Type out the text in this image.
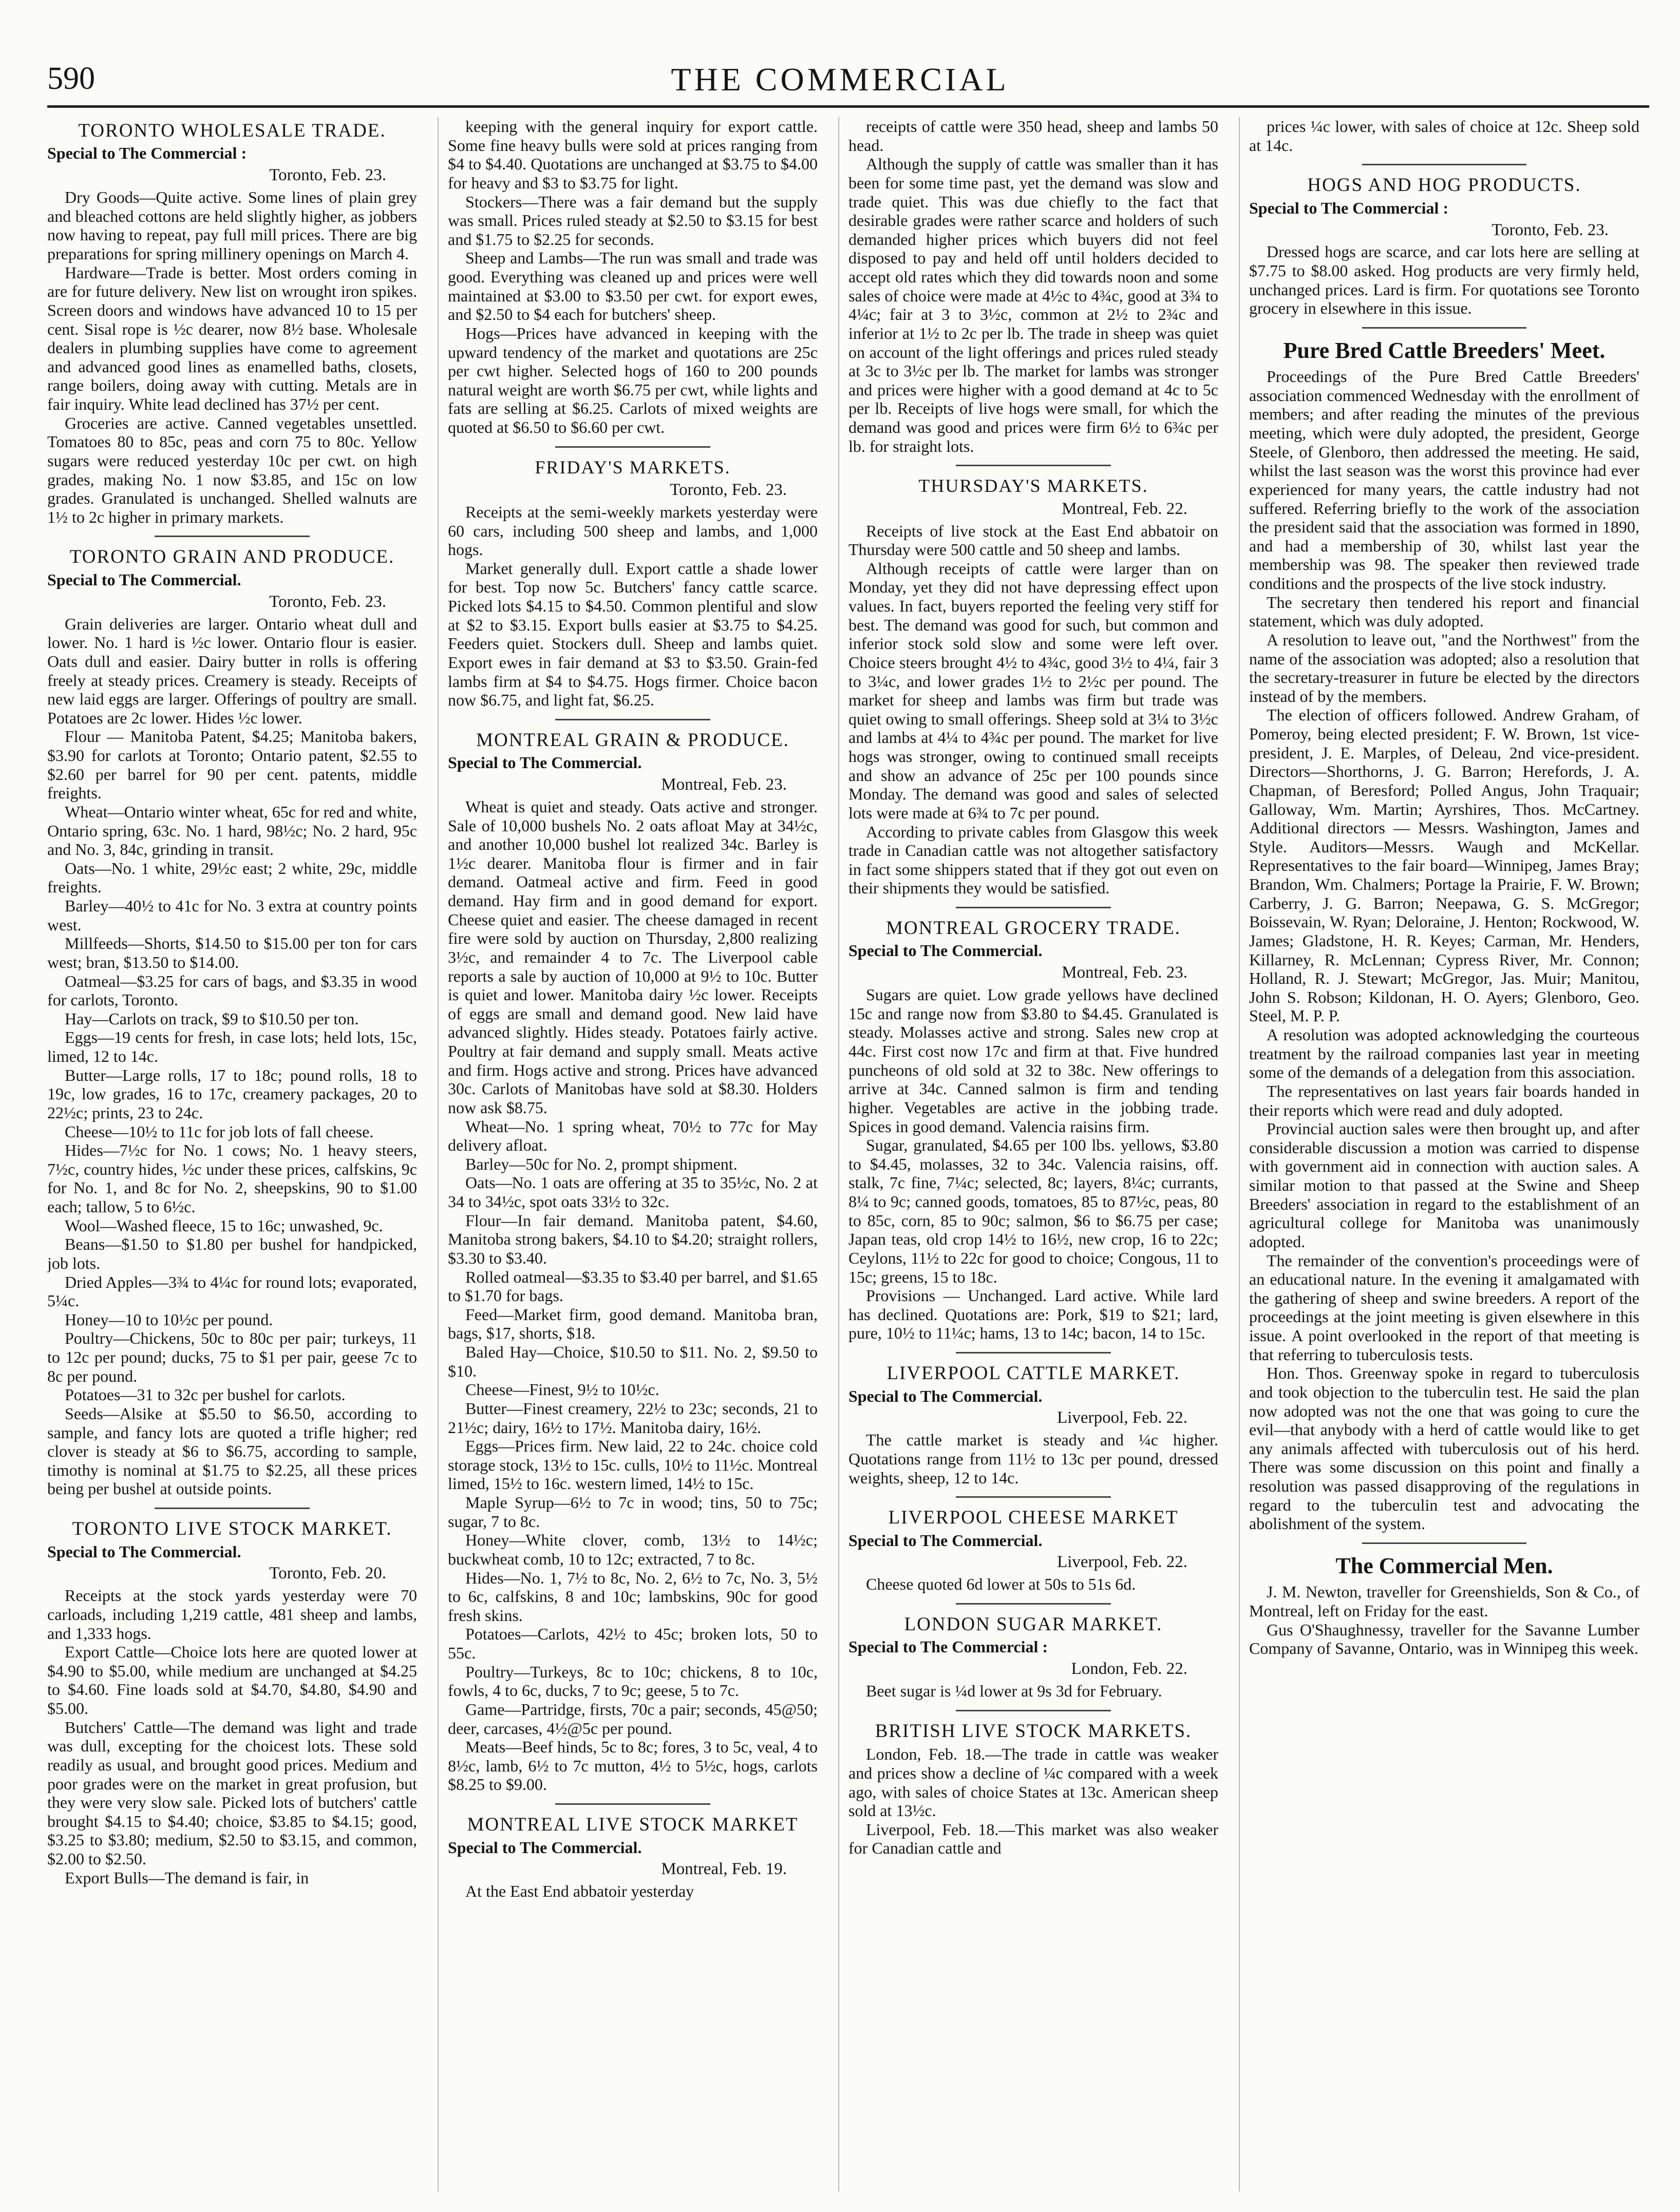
590	THE COMMERCIAL
TORONTO WHOLESALE TRADE.
Special to The Commercial :
Toronto, Feb. 23.

Dry Goods—Quite active. Some lines of plain grey and bleached cottons are held slightly higher, as jobbers now having to repeat, pay full mill prices. There are big preparations for spring millinery openings on March 4.

Hardware—Trade is better. Most orders coming in are for future delivery. New list on wrought iron spikes. Screen doors and windows have advanced 10 to 15 per cent. Sisal rope is ½c dearer, now 8½ base. Wholesale dealers in plumbing supplies have come to agreement and advanced good lines as enamelled baths, closets, range boilers, doing away with cutting. Metals are in fair inquiry. White lead declined has 37½ per cent.

Groceries are active. Canned vegetables unsettled. Tomatoes 80 to 85c, peas and corn 75 to 80c. Yellow sugars were reduced yesterday 10c per cwt. on high grades, making No. 1 now $3.85, and 15c on low grades. Granulated is unchanged. Shelled walnuts are 1½ to 2c higher in primary markets.

TORONTO GRAIN AND PRODUCE.
Special to The Commercial.
Toronto, Feb. 23.

Grain deliveries are larger. Ontario wheat dull and lower. No. 1 hard is ½c lower. Ontario flour is easier. Oats dull and easier. Dairy butter in rolls is offering freely at steady prices. Creamery is steady. Receipts of new laid eggs are larger. Offerings of poultry are small. Potatoes are 2c lower. Hides ½c lower.

Flour — Manitoba Patent, $4.25; Manitoba bakers, $3.90 for carlots at Toronto; Ontario patent, $2.55 to $2.60 per barrel for 90 per cent. patents, middle freights.

Wheat—Ontario winter wheat, 65c for red and white, Ontario spring, 63c. No. 1 hard, 98½c; No. 2 hard, 95c and No. 3, 84c, grinding in transit.

Oats—No. 1 white, 29½c east; 2 white, 29c, middle freights.

Barley—40½ to 41c for No. 3 extra at country points west.

Millfeeds—Shorts, $14.50 to $15.00 per ton for cars west; bran, $13.50 to $14.00.

Oatmeal—$3.25 for cars of bags, and $3.35 in wood for carlots, Toronto.

Hay—Carlots on track, $9 to $10.50 per ton.

Eggs—19 cents for fresh, in case lots; held lots, 15c, limed, 12 to 14c.

Butter—Large rolls, 17 to 18c; pound rolls, 18 to 19c, low grades, 16 to 17c, creamery packages, 20 to 22½c; prints, 23 to 24c.

Cheese—10½ to 11c for job lots of fall cheese.

Hides—7½c for No. 1 cows; No. 1 heavy steers, 7½c, country hides, ½c under these prices, calfskins, 9c for No. 1, and 8c for No. 2, sheepskins, 90 to $1.00 each; tallow, 5 to 6½c.

Wool—Washed fleece, 15 to 16c; unwashed, 9c.

Beans—$1.50 to $1.80 per bushel for handpicked, job lots.

Dried Apples—3¾ to 4¼c for round lots; evaporated, 5¼c.

Honey—10 to 10½c per pound.

Poultry—Chickens, 50c to 80c per pair; turkeys, 11 to 12c per pound; ducks, 75 to $1 per pair, geese 7c to 8c per pound.

Potatoes—31 to 32c per bushel for carlots.

Seeds—Alsike at $5.50 to $6.50, according to sample, and fancy lots are quoted a trifle higher; red clover is steady at $6 to $6.75, according to sample, timothy is nominal at $1.75 to $2.25, all these prices being per bushel at outside points.

TORONTO LIVE STOCK MARKET.
Special to The Commercial.
Toronto, Feb. 20.

Receipts at the stock yards yesterday were 70 carloads, including 1,219 cattle, 481 sheep and lambs, and 1,333 hogs.

Export Cattle—Choice lots here are quoted lower at $4.90 to $5.00, while medium are unchanged at $4.25 to $4.60. Fine loads sold at $4.70, $4.80, $4.90 and $5.00.

Butchers' Cattle—The demand was light and trade was dull, excepting for the choicest lots. These sold readily as usual, and brought good prices. Medium and poor grades were on the market in great profusion, but they were very slow sale. Picked lots of butchers' cattle brought $4.15 to $4.40; choice, $3.85 to $4.15; good, $3.25 to $3.80; medium, $2.50 to $3.15, and common, $2.00 to $2.50.

Export Bulls—The demand is fair, in

keeping with the general inquiry for export cattle. Some fine heavy bulls were sold at prices ranging from $4 to $4.40. Quotations are unchanged at $3.75 to $4.00 for heavy and $3 to $3.75 for light.

Stockers—There was a fair demand but the supply was small. Prices ruled steady at $2.50 to $3.15 for best and $1.75 to $2.25 for seconds.

Sheep and Lambs—The run was small and trade was good. Everything was cleaned up and prices were well maintained at $3.00 to $3.50 per cwt. for export ewes, and $2.50 to $4 each for butchers' sheep.

Hogs—Prices have advanced in keeping with the upward tendency of the market and quotations are 25c per cwt higher. Selected hogs of 160 to 200 pounds natural weight are worth $6.75 per cwt, while lights and fats are selling at $6.25. Carlots of mixed weights are quoted at $6.50 to $6.60 per cwt.

FRIDAY'S MARKETS.
Toronto, Feb. 23.

Receipts at the semi-weekly markets yesterday were 60 cars, including 500 sheep and lambs, and 1,000 hogs.

Market generally dull. Export cattle a shade lower for best. Top now 5c. Butchers' fancy cattle scarce. Picked lots $4.15 to $4.50. Common plentiful and slow at $2 to $3.15. Export bulls easier at $3.75 to $4.25. Feeders quiet. Stockers dull. Sheep and lambs quiet. Export ewes in fair demand at $3 to $3.50. Grain-fed lambs firm at $4 to $4.75. Hogs firmer. Choice bacon now $6.75, and light fat, $6.25.

MONTREAL GRAIN & PRODUCE.
Special to The Commercial.
Montreal, Feb. 23.

Wheat is quiet and steady. Oats active and stronger. Sale of 10,000 bushels No. 2 oats afloat May at 34½c, and another 10,000 bushel lot realized 34c. Barley is 1½c dearer. Manitoba flour is firmer and in fair demand. Oatmeal active and firm. Feed in good demand. Hay firm and in good demand for export. Cheese quiet and easier. The cheese damaged in recent fire were sold by auction on Thursday, 2,800 realizing 3½c, and remainder 4 to 7c. The Liverpool cable reports a sale by auction of 10,000 at 9½ to 10c. Butter is quiet and lower. Manitoba dairy ½c lower. Receipts of eggs are small and demand good. New laid have advanced slightly. Hides steady. Potatoes fairly active. Poultry at fair demand and supply small. Meats active and firm. Hogs active and strong. Prices have advanced 30c. Carlots of Manitobas have sold at $8.30. Holders now ask $8.75.

Wheat—No. 1 spring wheat, 70½ to 77c for May delivery afloat.

Barley—50c for No. 2, prompt shipment.

Oats—No. 1 oats are offering at 35 to 35½c, No. 2 at 34 to 34½c, spot oats 33½ to 32c.

Flour—In fair demand. Manitoba patent, $4.60, Manitoba strong bakers, $4.10 to $4.20; straight rollers, $3.30 to $3.40.

Rolled oatmeal—$3.35 to $3.40 per barrel, and $1.65 to $1.70 for bags.

Feed—Market firm, good demand. Manitoba bran, bags, $17, shorts, $18.

Baled Hay—Choice, $10.50 to $11. No. 2, $9.50 to $10.

Cheese—Finest, 9½ to 10½c.

Butter—Finest creamery, 22½ to 23c; seconds, 21 to 21½c; dairy, 16½ to 17½. Manitoba dairy, 16½.

Eggs—Prices firm. New laid, 22 to 24c. choice cold storage stock, 13½ to 15c. culls, 10½ to 11½c. Montreal limed, 15½ to 16c. western limed, 14½ to 15c.

Maple Syrup—6½ to 7c in wood; tins, 50 to 75c; sugar, 7 to 8c.

Honey—White clover, comb, 13½ to 14½c; buckwheat comb, 10 to 12c; extracted, 7 to 8c.

Hides—No. 1, 7½ to 8c, No. 2, 6½ to 7c, No. 3, 5½ to 6c, calfskins, 8 and 10c; lambskins, 90c for good fresh skins.

Potatoes—Carlots, 42½ to 45c; broken lots, 50 to 55c.

Poultry—Turkeys, 8c to 10c; chickens, 8 to 10c, fowls, 4 to 6c, ducks, 7 to 9c; geese, 5 to 7c.

Game—Partridge, firsts, 70c a pair; seconds, 45@50; deer, carcases, 4½@5c per pound.

Meats—Beef hinds, 5c to 8c; fores, 3 to 5c, veal, 4 to 8½c, lamb, 6½ to 7c mutton, 4½ to 5½c, hogs, carlots $8.25 to $9.00.

MONTREAL LIVE STOCK MARKET
Special to The Commercial.
Montreal, Feb. 19.

At the East End abbatoir yesterday

receipts of cattle were 350 head, sheep and lambs 50 head.

Although the supply of cattle was smaller than it has been for some time past, yet the demand was slow and trade quiet. This was due chiefly to the fact that desirable grades were rather scarce and holders of such demanded higher prices which buyers did not feel disposed to pay and held off until holders decided to accept old rates which they did towards noon and some sales of choice were made at 4½c to 4¾c, good at 3¾ to 4¼c; fair at 3 to 3½c, common at 2½ to 2¾c and inferior at 1½ to 2c per lb. The trade in sheep was quiet on account of the light offerings and prices ruled steady at 3c to 3½c per lb. The market for lambs was stronger and prices were higher with a good demand at 4c to 5c per lb. Receipts of live hogs were small, for which the demand was good and prices were firm 6½ to 6¾c per lb. for straight lots.

THURSDAY'S MARKETS.
Montreal, Feb. 22.

Receipts of live stock at the East End abbatoir on Thursday were 500 cattle and 50 sheep and lambs.

Although receipts of cattle were larger than on Monday, yet they did not have depressing effect upon values. In fact, buyers reported the feeling very stiff for best. The demand was good for such, but common and inferior stock sold slow and some were left over. Choice steers brought 4½ to 4¾c, good 3½ to 4¼, fair 3 to 3¼c, and lower grades 1½ to 2½c per pound. The market for sheep and lambs was firm but trade was quiet owing to small offerings. Sheep sold at 3¼ to 3½c and lambs at 4¼ to 4¾c per pound. The market for live hogs was stronger, owing to continued small receipts and show an advance of 25c per 100 pounds since Monday. The demand was good and sales of selected lots were made at 6¾ to 7c per pound.

According to private cables from Glasgow this week trade in Canadian cattle was not altogether satisfactory in fact some shippers stated that if they got out even on their shipments they would be satisfied.

MONTREAL GROCERY TRADE.
Special to The Commercial.
Montreal, Feb. 23.

Sugars are quiet. Low grade yellows have declined 15c and range now from $3.80 to $4.45. Granulated is steady. Molasses active and strong. Sales new crop at 44c. First cost now 17c and firm at that. Five hundred puncheons of old sold at 32 to 38c. New offerings to arrive at 34c. Canned salmon is firm and tending higher. Vegetables are active in the jobbing trade. Spices in good demand. Valencia raisins firm.

Sugar, granulated, $4.65 per 100 lbs. yellows, $3.80 to $4.45, molasses, 32 to 34c. Valencia raisins, off. stalk, 7c fine, 7¼c; selected, 8c; layers, 8¼c; currants, 8¼ to 9c; canned goods, tomatoes, 85 to 87½c, peas, 80 to 85c, corn, 85 to 90c; salmon, $6 to $6.75 per case; Japan teas, old crop 14½ to 16½, new crop, 16 to 22c; Ceylons, 11½ to 22c for good to choice; Congous, 11 to 15c; greens, 15 to 18c.

Provisions — Unchanged. Lard active. While lard has declined. Quotations are: Pork, $19 to $21; lard, pure, 10½ to 11¼c; hams, 13 to 14c; bacon, 14 to 15c.

LIVERPOOL CATTLE MARKET.
Special to The Commercial.
Liverpool, Feb. 22.

The cattle market is steady and ¼c higher. Quotations range from 11½ to 13c per pound, dressed weights, sheep, 12 to 14c.

LIVERPOOL CHEESE MARKET
Special to The Commercial.
Liverpool, Feb. 22.

Cheese quoted 6d lower at 50s to 51s 6d.

LONDON SUGAR MARKET.
Special to The Commercial :
London, Feb. 22.

Beet sugar is ¼d lower at 9s 3d for February.

BRITISH LIVE STOCK MARKETS.

London, Feb. 18.—The trade in cattle was weaker and prices show a decline of ¼c compared with a week ago, with sales of choice States at 13c. American sheep sold at 13½c.

Liverpool, Feb. 18.—This market was also weaker for Canadian cattle and

prices ¼c lower, with sales of choice at 12c. Sheep sold at 14c.

HOGS AND HOG PRODUCTS.
Special to The Commercial :
Toronto, Feb. 23.

Dressed hogs are scarce, and car lots here are selling at $7.75 to $8.00 asked. Hog products are very firmly held, unchanged prices. Lard is firm. For quotations see Toronto grocery in elsewhere in this issue.

Pure Bred Cattle Breeders' Meet.

Proceedings of the Pure Bred Cattle Breeders' association commenced Wednesday with the enrollment of members; and after reading the minutes of the previous meeting, which were duly adopted, the president, George Steele, of Glenboro, then addressed the meeting. He said, whilst the last season was the worst this province had ever experienced for many years, the cattle industry had not suffered. Referring briefly to the work of the association the president said that the association was formed in 1890, and had a membership of 30, whilst last year the membership was 98. The speaker then reviewed trade conditions and the prospects of the live stock industry.

The secretary then tendered his report and financial statement, which was duly adopted.

A resolution to leave out, "and the Northwest" from the name of the association was adopted; also a resolution that the secretary-treasurer in future be elected by the directors instead of by the members.

The election of officers followed. Andrew Graham, of Pomeroy, being elected president; F. W. Brown, 1st vice-president, J. E. Marples, of Deleau, 2nd vice-president. Directors—Shorthorns, J. G. Barron; Herefords, J. A. Chapman, of Beresford; Polled Angus, John Traquair; Galloway, Wm. Martin; Ayrshires, Thos. McCartney. Additional directors — Messrs. Washington, James and Style. Auditors—Messrs. Waugh and McKellar. Representatives to the fair board—Winnipeg, James Bray; Brandon, Wm. Chalmers; Portage la Prairie, F. W. Brown; Carberry, J. G. Barron; Neepawa, G. S. McGregor; Boissevain, W. Ryan; Deloraine, J. Henton; Rockwood, W. James; Gladstone, H. R. Keyes; Carman, Mr. Henders, Killarney, R. McLennan; Cypress River, Mr. Connon; Holland, R. J. Stewart; McGregor, Jas. Muir; Manitou, John S. Robson; Kildonan, H. O. Ayers; Glenboro, Geo. Steel, M. P. P.

A resolution was adopted acknowledging the courteous treatment by the railroad companies last year in meeting some of the demands of a delegation from this association.

The representatives on last years fair boards handed in their reports which were read and duly adopted.

Provincial auction sales were then brought up, and after considerable discussion a motion was carried to dispense with government aid in connection with auction sales. A similar motion to that passed at the Swine and Sheep Breeders' association in regard to the establishment of an agricultural college for Manitoba was unanimously adopted.

The remainder of the convention's proceedings were of an educational nature. In the evening it amalgamated with the gathering of sheep and swine breeders. A report of the proceedings at the joint meeting is given elsewhere in this issue. A point overlooked in the report of that meeting is that referring to tuberculosis tests.

Hon. Thos. Greenway spoke in regard to tuberculosis and took objection to the tuberculin test. He said the plan now adopted was not the one that was going to cure the evil—that anybody with a herd of cattle would like to get any animals affected with tuberculosis out of his herd. There was some discussion on this point and finally a resolution was passed disapproving of the regulations in regard to the tuberculin test and advocating the abolishment of the system.

The Commercial Men.

J. M. Newton, traveller for Greenshields, Son & Co., of Montreal, left on Friday for the east.

Gus O'Shaughnessy, traveller for the Savanne Lumber Company of Savanne, Ontario, was in Winnipeg this week.
